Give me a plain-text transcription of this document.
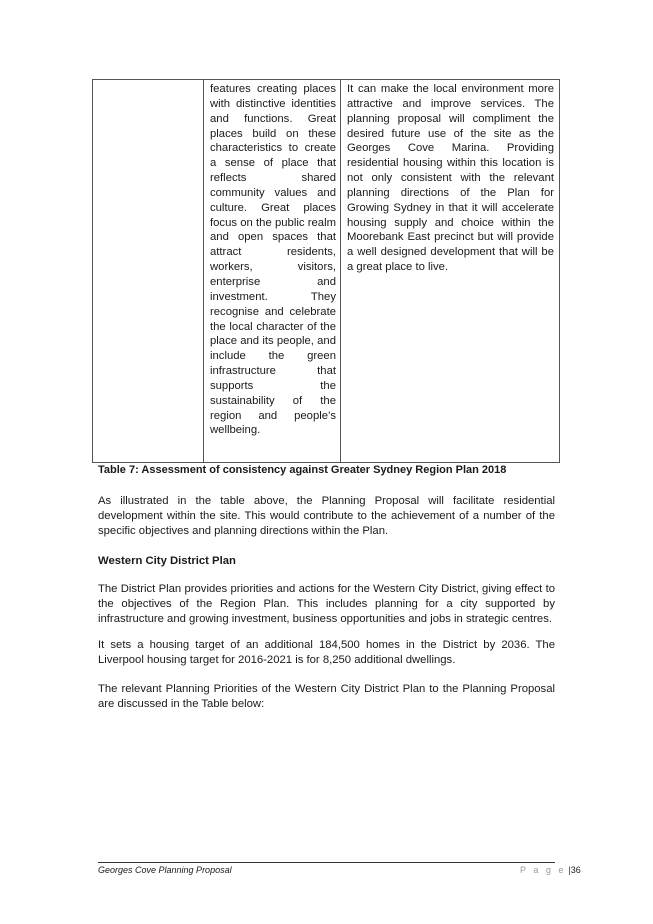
features creating places with distinctive identities and functions. Great places build on these characteristics to create a sense of place that reflects shared community values and culture. Great places focus on the public realm and open spaces that attract residents, workers, visitors, enterprise and investment. They recognise and celebrate the local character of the place and its people, and include the green infrastructure that supports the sustainability of the region and people’s wellbeing.

It can make the local environment more attractive and improve services. The planning proposal will compliment the desired future use of the site as the Georges Cove Marina. Providing residential housing within this location is not only consistent with the relevant planning directions of the Plan for Growing Sydney in that it will accelerate housing supply and choice within the Moorebank East precinct but will provide a well designed development that will be a great place to live.

Table 7: Assessment of consistency against Greater Sydney Region Plan 2018

As illustrated in the table above, the Planning Proposal will facilitate residential development within the site. This would contribute to the achievement of a number of the specific objectives and planning directions within the Plan.

Western City District Plan

The District Plan provides priorities and actions for the Western City District, giving effect to the objectives of the Region Plan. This includes planning for a city supported by infrastructure and growing investment, business opportunities and jobs in strategic centres.

It sets a housing target of an additional 184,500 homes in the District by 2036. The Liverpool housing target for 2016-2021 is for 8,250 additional dwellings.

The relevant Planning Priorities of the Western City District Plan to the Planning Proposal are discussed in the Table below:

Georges Cove Planning Proposal	P a g e |36
